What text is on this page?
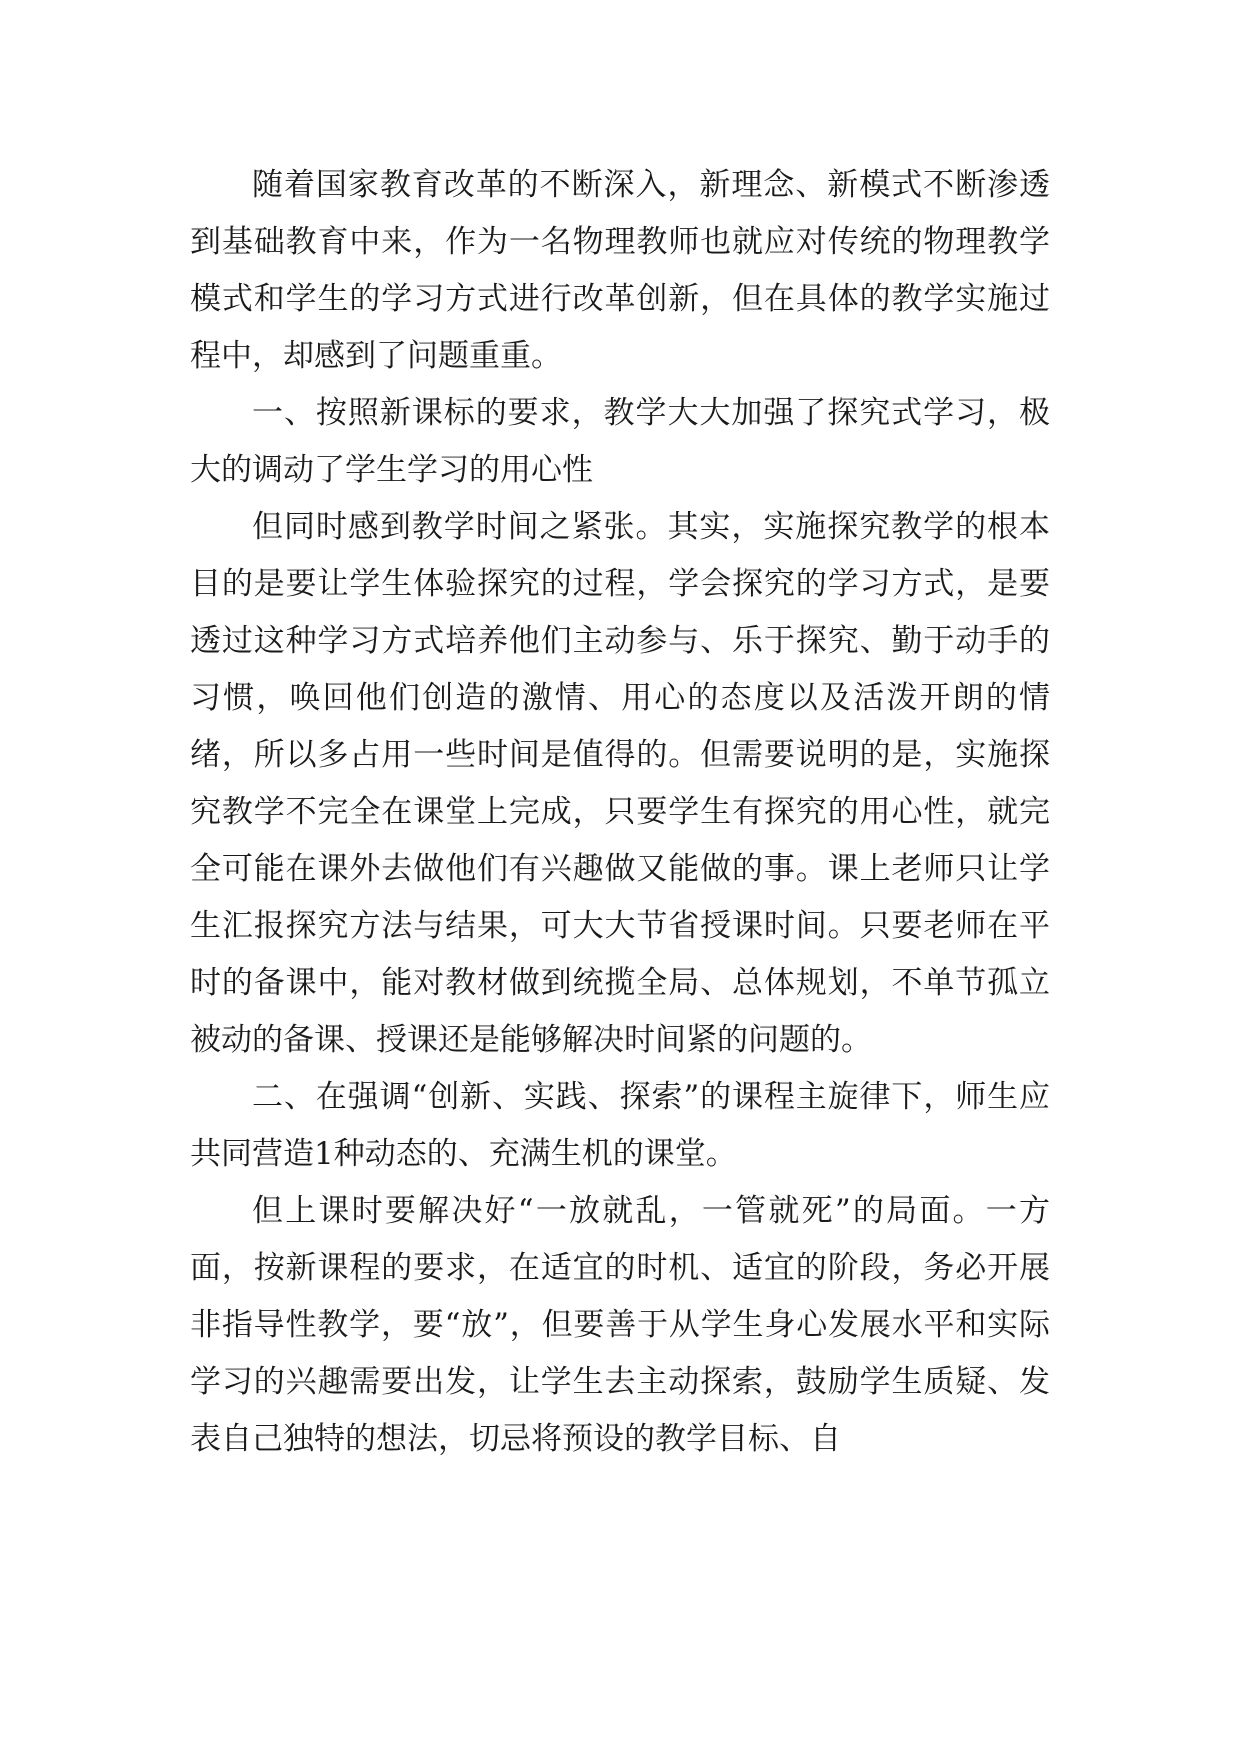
随着国家教育改革的不断深入，新理念、新模式不断渗透到基础教育中来，作为一名物理教师也就应对传统的物理教学模式和学生的学习方式进行改革创新，但在具体的教学实施过程中，却感到了问题重重。

一、按照新课标的要求，教学大大加强了探究式学习，极大的调动了学生学习的用心性

但同时感到教学时间之紧张。其实，实施探究教学的根本目的是要让学生体验探究的过程，学会探究的学习方式，是要透过这种学习方式培养他们主动参与、乐于探究、勤于动手的习惯，唤回他们创造的激情、用心的态度以及活泼开朗的情绪，所以多占用一些时间是值得的。但需要说明的是，实施探究教学不完全在课堂上完成，只要学生有探究的用心性，就完全可能在课外去做他们有兴趣做又能做的事。课上老师只让学生汇报探究方法与结果，可大大节省授课时间。只要老师在平时的备课中，能对教材做到统揽全局、总体规划，不单节孤立被动的备课、授课还是能够解决时间紧的问题的。

二、在强调“创新、实践、探索”的课程主旋律下，师生应共同营造1种动态的、充满生机的课堂。

但上课时要解决好“一放就乱，一管就死”的局面。一方面，按新课程的要求，在适宜的时机、适宜的阶段，务必开展非指导性教学，要“放”，但要善于从学生身心发展水平和实际学习的兴趣需要出发，让学生去主动探索，鼓励学生质疑、发表自己独特的想法，切忌将预设的教学目标、自
